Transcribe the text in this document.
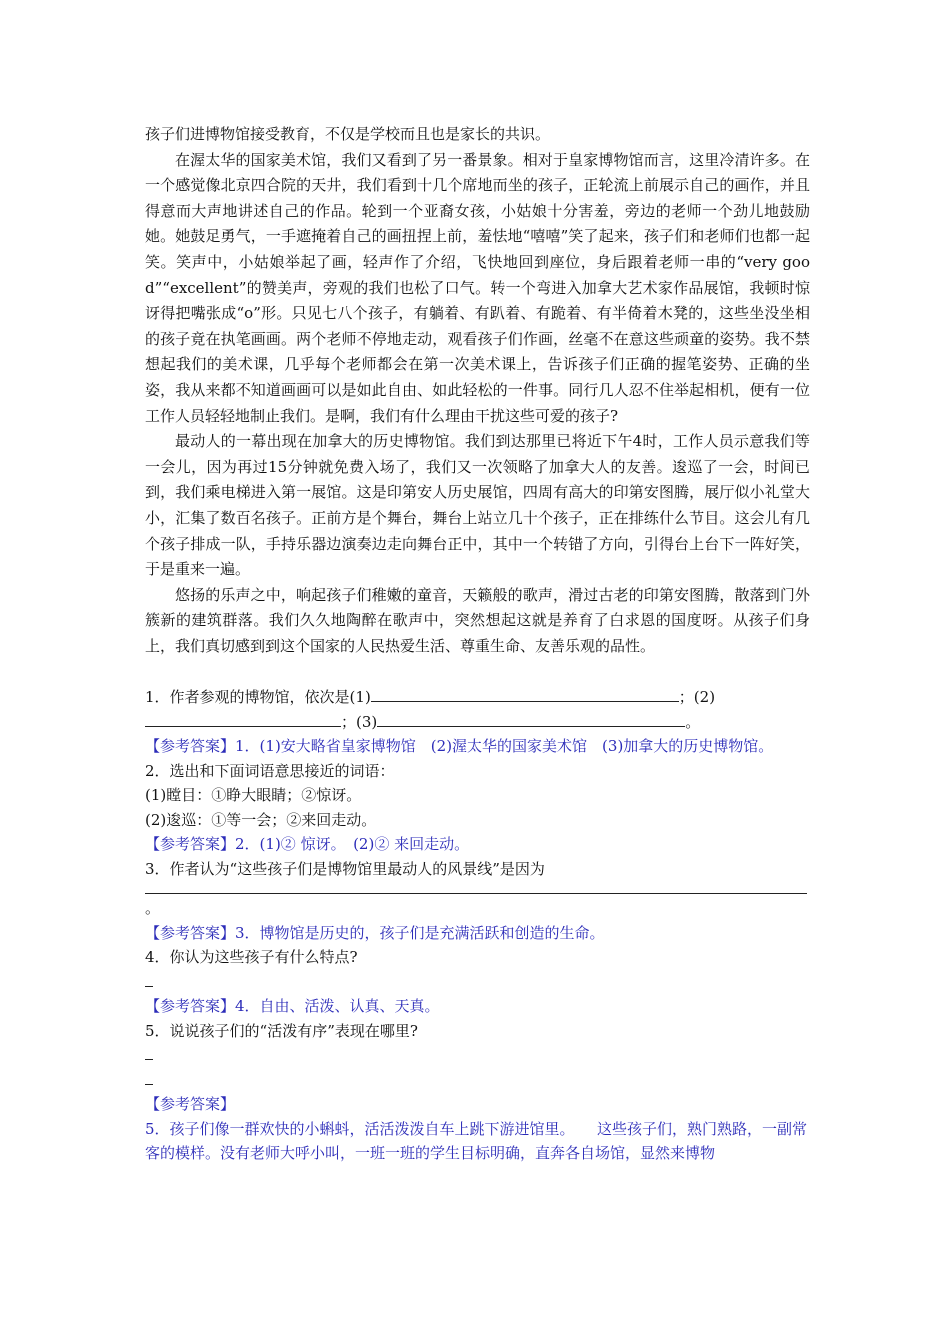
孩子们进博物馆接受教育，不仅是学校而且也是家长的共识。

在渥太华的国家美术馆，我们又看到了另一番景象。相对于皇家博物馆而言，这里冷清许多。在一个感觉像北京四合院的天井，我们看到十几个席地而坐的孩子，正轮流上前展示自己的画作，并且得意而大声地讲述自己的作品。轮到一个亚裔女孩，小姑娘十分害羞，旁边的老师一个劲儿地鼓励她。她鼓足勇气，一手遮掩着自己的画扭捏上前，羞怯地“嘻嘻”笑了起来，孩子们和老师们也都一起笑。笑声中，小姑娘举起了画，轻声作了介绍，飞快地回到座位，身后跟着老师一串的“very good”“excellent”的赞美声，旁观的我们也松了口气。转一个弯进入加拿大艺术家作品展馆，我顿时惊讶得把嘴张成“o”形。只见七八个孩子，有躺着、有趴着、有跪着、有半倚着木凳的，这些坐没坐相的孩子竟在执笔画画。两个老师不停地走动，观看孩子们作画，丝毫不在意这些顽童的姿势。我不禁想起我们的美术课，几乎每个老师都会在第一次美术课上，告诉孩子们正确的握笔姿势、正确的坐姿，我从来都不知道画画可以是如此自由、如此轻松的一件事。同行几人忍不住举起相机，便有一位工作人员轻轻地制止我们。是啊，我们有什么理由干扰这些可爱的孩子?

最动人的一幕出现在加拿大的历史博物馆。我们到达那里已将近下午4时，工作人员示意我们等一会儿，因为再过15分钟就免费入场了，我们又一次领略了加拿大人的友善。逡巡了一会，时间已到，我们乘电梯进入第一展馆。这是印第安人历史展馆，四周有高大的印第安图腾，展厅似小礼堂大小，汇集了数百名孩子。正前方是个舞台，舞台上站立几十个孩子，正在排练什么节目。这会儿有几个孩子排成一队，手持乐器边演奏边走向舞台正中，其中一个转错了方向，引得台上台下一阵好笑，于是重来一遍。

悠扬的乐声之中，响起孩子们稚嫩的童音，天籁般的歌声，滑过古老的印第安图腾，散落到门外簇新的建筑群落。我们久久地陶醉在歌声中，突然想起这就是养育了白求恩的国度呀。从孩子们身上，我们真切感到到这个国家的人民热爱生活、尊重生命、友善乐观的品性。

1．作者参观的博物馆，依次是(1)	；(2)
；(3)	。

【参考答案】1．(1)安大略省皇家博物馆　(2)渥太华的国家美术馆　(3)加拿大的历史博物馆。

2．选出和下面词语意思接近的词语：

(1)瞠目：①睁大眼睛；②惊讶。

(2)逡巡：①等一会；②来回走动。

【参考答案】2．(1)② 惊讶。　(2)② 来回走动。

3．作者认为“这些孩子们是博物馆里最动人的风景线”是因为

。

【参考答案】3．博物馆是历史的，孩子们是充满活跃和创造的生命。

4．你认为这些孩子有什么特点?

【参考答案】4．自由、活泼、认真、天真。

5．说说孩子们的“活泼有序”表现在哪里?

【参考答案】

5．孩子们像一群欢快的小蝌蚪，活活泼泼自车上跳下游进馆里。　　这些孩子们，熟门熟路，一副常客的模样。没有老师大呼小叫，一班一班的学生目标明确，直奔各自场馆，显然来博物
